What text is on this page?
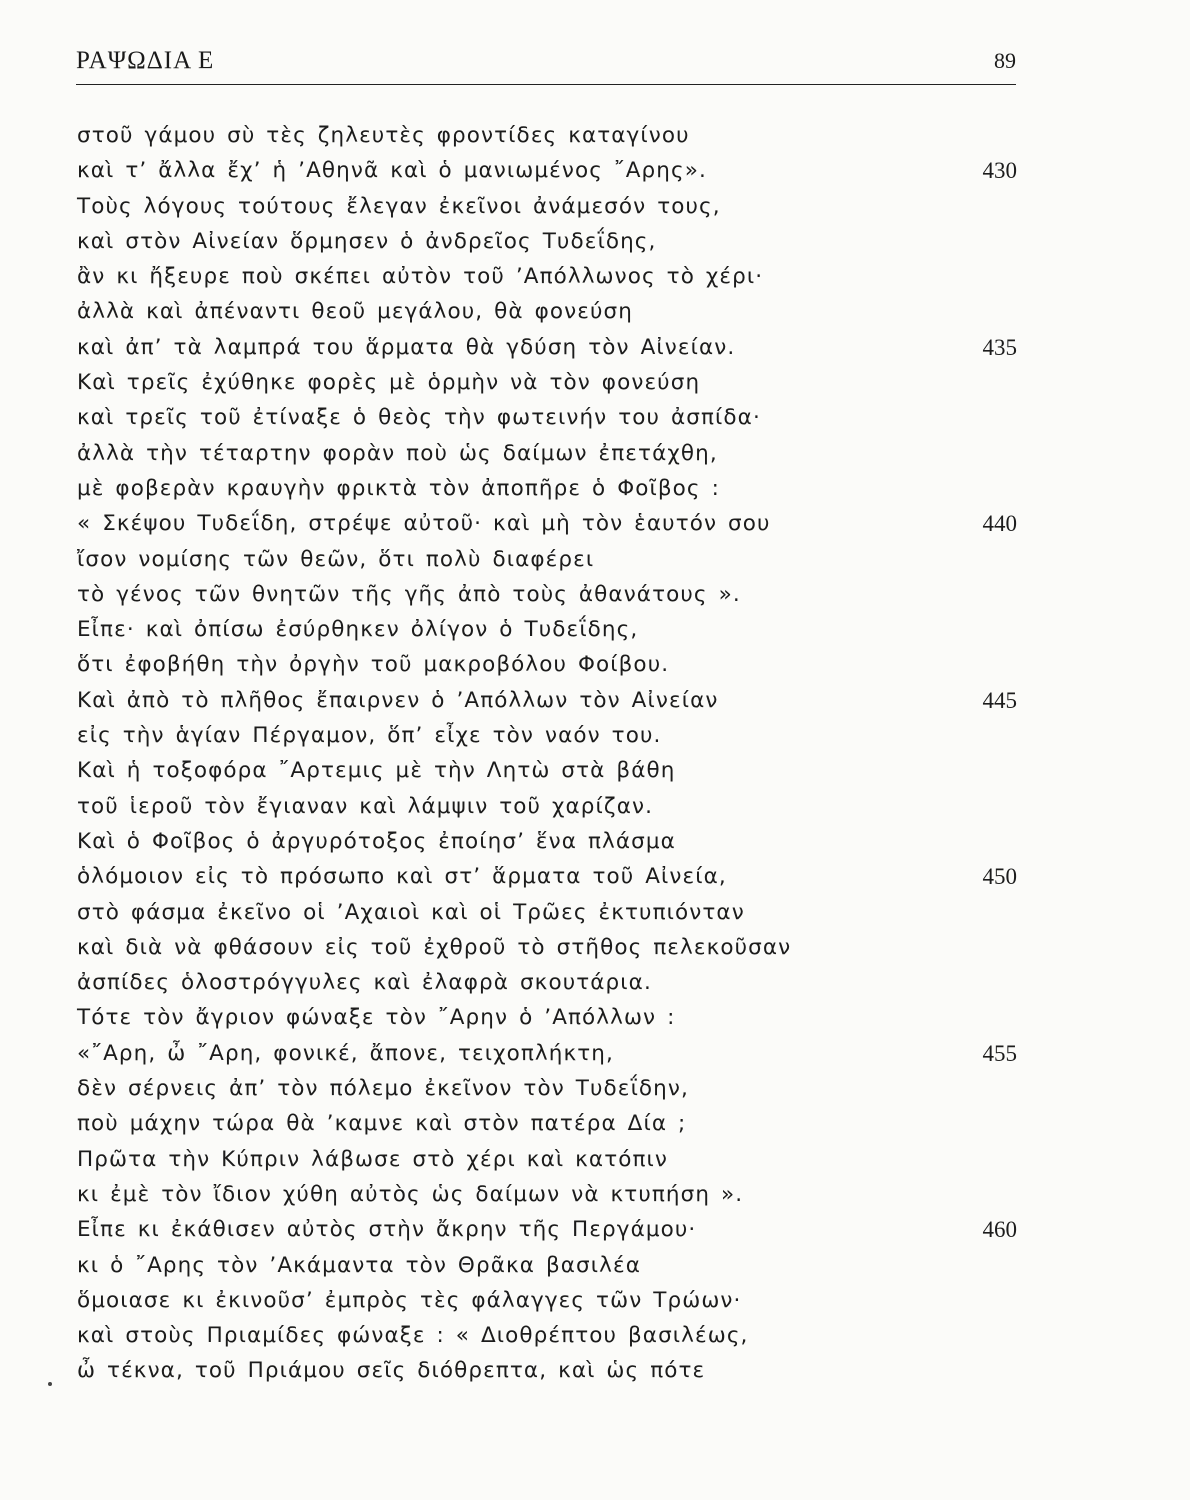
ΡΑΨΩΔΙΑ Ε	89
στοῦ γάμου σὺ τὲς ζηλευτὲς φροντίδες καταγίνου
καὶ τ’ ἄλλα ἔχ’ ἡ ’Αθηνᾶ καὶ ὁ μανιωμένος ῎Αρης».	430
Τοὺς λόγους τούτους ἔλεγαν ἐκεῖνοι ἀνάμεσόν τους,
καὶ στὸν Αἰνείαν ὅρμησεν ὁ ἀνδρεῖος Τυδεΐδης,
ἂν κι ἤξευρε ποὺ σκέπει αὐτὸν τοῦ ’Απόλλωνος τὸ χέρι·
ἀλλὰ καὶ ἀπέναντι θεοῦ μεγάλου, θὰ φονεύση
καὶ ἀπ’ τὰ λαμπρά του ἅρματα θὰ γδύση τὸν Αἰνείαν.	435
Καὶ τρεῖς ἐχύθηκε φορὲς μὲ ὁρμὴν νὰ τὸν φονεύση
καὶ τρεῖς τοῦ ἐτίναξε ὁ θεὸς τὴν φωτεινήν του ἀσπίδα·
ἀλλὰ τὴν τέταρτην φορὰν ποὺ ὡς δαίμων ἐπετάχθη,
μὲ φοβερὰν κραυγὴν φρικτὰ τὸν ἀποπῆρε ὁ Φοῖβος :
« Σκέψου Τυδεΐδη, στρέψε αὐτοῦ· καὶ μὴ τὸν ἑαυτόν σου	440
ἴσον νομίσης τῶν θεῶν, ὅτι πολὺ διαφέρει
τὸ γένος τῶν θνητῶν τῆς γῆς ἀπὸ τοὺς ἀθανάτους ».
Εἶπε· καὶ ὀπίσω ἐσύρθηκεν ὀλίγον ὁ Τυδεΐδης,
ὅτι ἐφοβήθη τὴν ὀργὴν τοῦ μακροβόλου Φοίβου.
Καὶ ἀπὸ τὸ πλῆθος ἔπαιρνεν ὁ ’Απόλλων τὸν Αἰνείαν	445
εἰς τὴν ἁγίαν Πέργαμον, ὅπ’ εἶχε τὸν ναόν του.
Καὶ ἡ τοξοφόρα ῎Αρτεμις μὲ τὴν Λητὼ στὰ βάθη
τοῦ ἱεροῦ τὸν ἔγιαναν καὶ λάμψιν τοῦ χαρίζαν.
Καὶ ὁ Φοῖβος ὁ ἀργυρότοξος ἐποίησ’ ἕνα πλάσμα
ὁλόμοιον εἰς τὸ πρόσωπο καὶ στ’ ἅρματα τοῦ Αἰνεία,	450
στὸ φάσμα ἐκεῖνο οἱ ’Αχαιοὶ καὶ οἱ Τρῶες ἐκτυπιόνταν
καὶ διὰ νὰ φθάσουν εἰς τοῦ ἐχθροῦ τὸ στῆθος πελεκοῦσαν
ἀσπίδες ὁλοστρόγγυλες καὶ ἐλαφρὰ σκουτάρια.
Τότε τὸν ἄγριον φώναξε τὸν ῎Αρην ὁ ’Απόλλων :
«῎Αρη, ὦ ῎Αρη, φονικέ, ἄπονε, τειχοπλήκτη,	455
δὲν σέρνεις ἀπ’ τὸν πόλεμο ἐκεῖνον τὸν Τυδεΐδην,
ποὺ μάχην τώρα θὰ ’καμνε καὶ στὸν πατέρα Δία ;
Πρῶτα τὴν Κύπριν λάβωσε στὸ χέρι καὶ κατόπιν
κι ἐμὲ τὸν ἴδιον χύθη αὐτὸς ὡς δαίμων νὰ κτυπήση ».
Εἶπε κι ἐκάθισεν αὐτὸς στὴν ἄκρην τῆς Περγάμου·	460
κι ὁ ῎Αρης τὸν ’Ακάμαντα τὸν Θρᾶκα βασιλέα
ὅμοιασε κι ἐκινοῦσ’ ἐμπρὸς τὲς φάλαγγες τῶν Τρώων·
καὶ στοὺς Πριαμίδες φώναξε : « Διοθρέπτου βασιλέως,
ὦ τέκνα, τοῦ Πριάμου σεῖς διόθρεπτα, καὶ ὡς πότε
